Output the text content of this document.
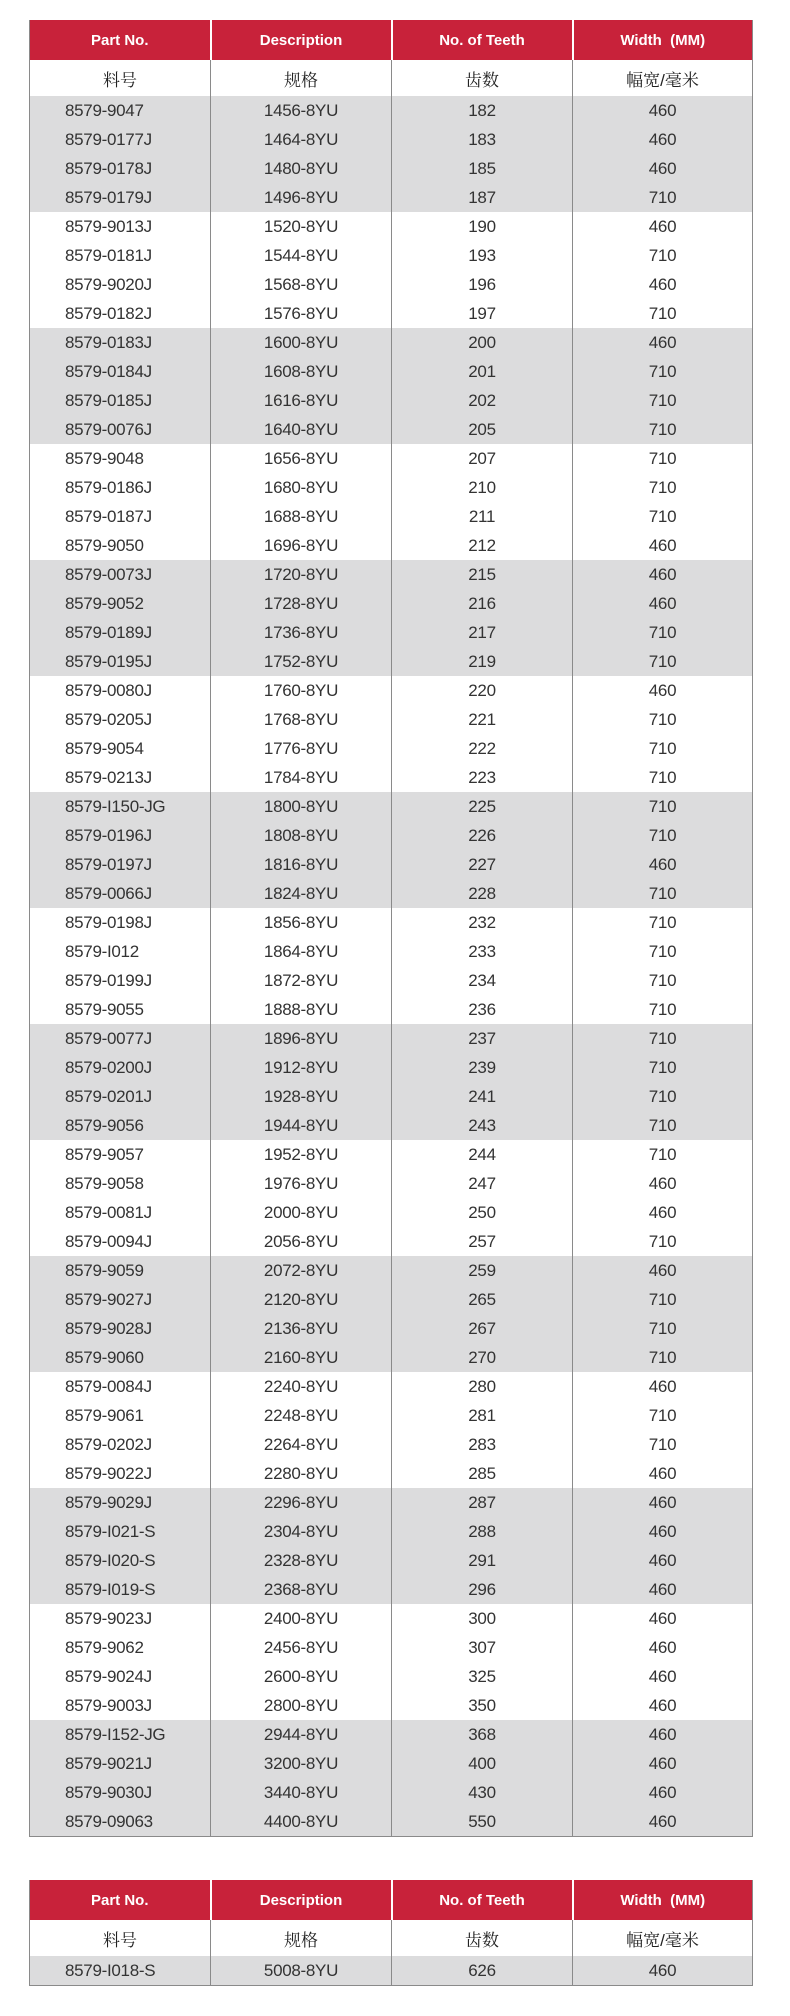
Part No.	Description	No. of Teeth	Width  (MM)
料号	规格	齿数	幅宽/毫米
8579-9047	1456-8YU	182	460
8579-0177J	1464-8YU	183	460
8579-0178J	1480-8YU	185	460
8579-0179J	1496-8YU	187	710
8579-9013J	1520-8YU	190	460
8579-0181J	1544-8YU	193	710
8579-9020J	1568-8YU	196	460
8579-0182J	1576-8YU	197	710
8579-0183J	1600-8YU	200	460
8579-0184J	1608-8YU	201	710
8579-0185J	1616-8YU	202	710
8579-0076J	1640-8YU	205	710
8579-9048	1656-8YU	207	710
8579-0186J	1680-8YU	210	710
8579-0187J	1688-8YU	211	710
8579-9050	1696-8YU	212	460
8579-0073J	1720-8YU	215	460
8579-9052	1728-8YU	216	460
8579-0189J	1736-8YU	217	710
8579-0195J	1752-8YU	219	710
8579-0080J	1760-8YU	220	460
8579-0205J	1768-8YU	221	710
8579-9054	1776-8YU	222	710
8579-0213J	1784-8YU	223	710
8579-I150-JG	1800-8YU	225	710
8579-0196J	1808-8YU	226	710
8579-0197J	1816-8YU	227	460
8579-0066J	1824-8YU	228	710
8579-0198J	1856-8YU	232	710
8579-I012	1864-8YU	233	710
8579-0199J	1872-8YU	234	710
8579-9055	1888-8YU	236	710
8579-0077J	1896-8YU	237	710
8579-0200J	1912-8YU	239	710
8579-0201J	1928-8YU	241	710
8579-9056	1944-8YU	243	710
8579-9057	1952-8YU	244	710
8579-9058	1976-8YU	247	460
8579-0081J	2000-8YU	250	460
8579-0094J	2056-8YU	257	710
8579-9059	2072-8YU	259	460
8579-9027J	2120-8YU	265	710
8579-9028J	2136-8YU	267	710
8579-9060	2160-8YU	270	710
8579-0084J	2240-8YU	280	460
8579-9061	2248-8YU	281	710
8579-0202J	2264-8YU	283	710
8579-9022J	2280-8YU	285	460
8579-9029J	2296-8YU	287	460
8579-I021-S	2304-8YU	288	460
8579-I020-S	2328-8YU	291	460
8579-I019-S	2368-8YU	296	460
8579-9023J	2400-8YU	300	460
8579-9062	2456-8YU	307	460
8579-9024J	2600-8YU	325	460
8579-9003J	2800-8YU	350	460
8579-I152-JG	2944-8YU	368	460
8579-9021J	3200-8YU	400	460
8579-9030J	3440-8YU	430	460
8579-09063	4400-8YU	550	460
Part No.	Description	No. of Teeth	Width  (MM)
料号	规格	齿数	幅宽/毫米
8579-I018-S	5008-8YU	626	460
